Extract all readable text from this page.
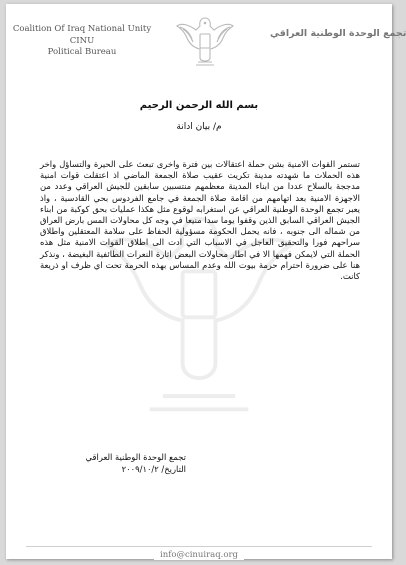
Coalition Of Iraq National Unity
CINU
Political Bureau
تجمع الوحدة الوطنية العراقي
بسم الله الرحمن الرحيم
م/ بيان ادانة
تستمر القوات الامنية بشن حملة اعتقالات بين فترة واخرى تبعث على الحيرة والتساؤل واخر هذه الحملات ما شهدته مدينة تكريت عقيب صلاة الجمعة الماضي اذ اعتقلت قوات امنية مدججة بالسلاح عددا من ابناء المدينة معظمهم منتسبين سابقين للجيش العراقي وعدد من الاجهزة الامنية بعد اتهامهم من اقامة صلاة الجمعة في جامع الفردوس بحي القادسية ، واذ يعبر تجمع الوحدة الوطنية العراقي عن استغرابه لوقوع مثل هكذا عمليات بحق كوكبة من ابناء الجيش العراقي السابق الذين وقفوا يوما سدا منيعا في وجه كل محاولات المس بارض العراق من شماله الى جنوبه ، فانه يحمل الحكومة مسؤولية الحفاظ على سلامة المعتقلين واطلاق سراحهم فورا والتحقيق العاجل في الاسباب التي ادت الى اطلاق القوات الامنية مثل هذه الحملة التي لايمكن فهمها الا في اطار محاولات البعض اثارة النعرات الطائفية البغيضة ، ونذكر هنا على ضرورة احترام حرمة بيوت الله وعدم المساس بهذه الحرمة تحت اي ظرف او ذريعة كانت.
تجمع الوحدة الوطنية العراقي
التاريخ/ ٢٠٠٩/١٠/٢
info@cinuiraq.org
